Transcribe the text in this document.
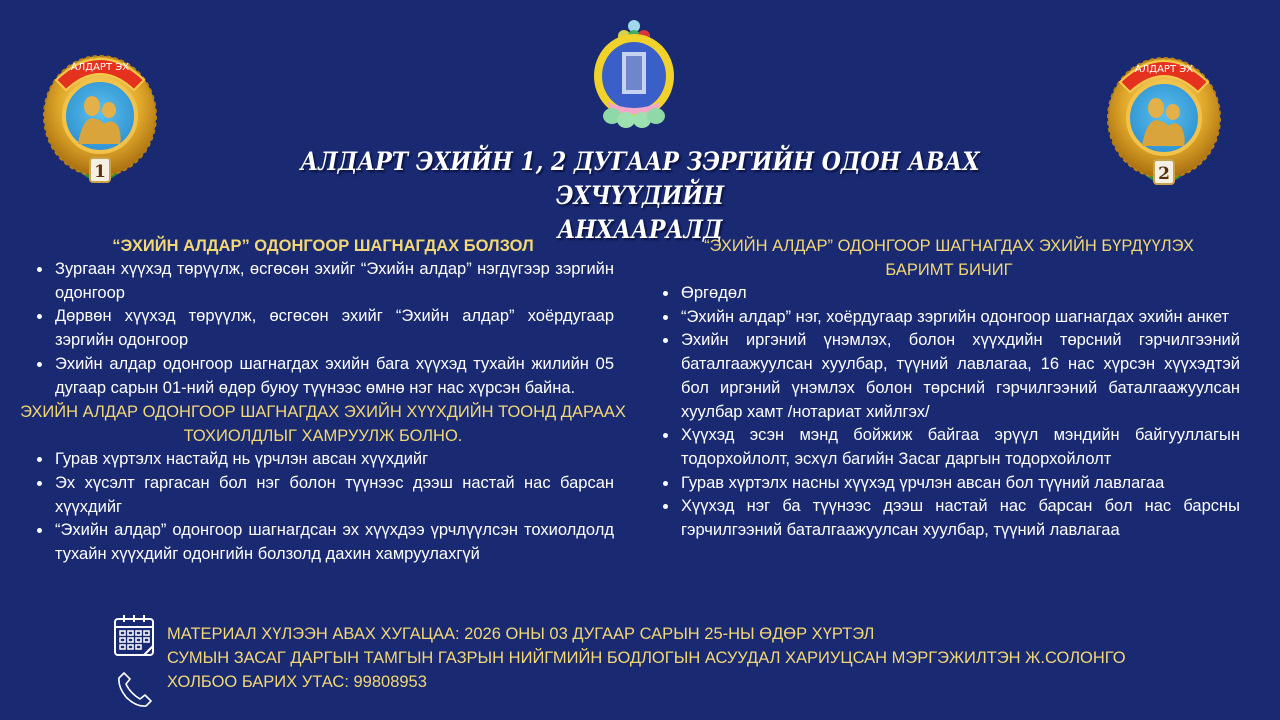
АЛДАРТ ЭХ
1
АЛДАРТ ЭХ
2
АЛДАРТ ЭХИЙН 1, 2 ДУГААР ЗЭРГИЙН ОДОН АВАХ ЭХЧҮҮДИЙН
АНХААРАЛД
“ЭХИЙН АЛДАР” ОДОНГООР ШАГНАГДАХ БОЛЗОЛ
Зургаан хүүхэд төрүүлж, өсгөсөн эхийг “Эхийн алдар” нэгдүгээр зэргийн одонгоор
Дөрвөн хүүхэд төрүүлж, өсгөсөн эхийг “Эхийн алдар” хоёрдугаар зэргийн одонгоор
Эхийн алдар одонгоор шагнагдах эхийн бага хүүхэд тухайн жилийн 05 дугаар сарын 01-ний өдөр буюу түүнээс өмнө нэг нас хүрсэн байна.
ЭХИЙН АЛДАР ОДОНГООР ШАГНАГДАХ ЭХИЙН ХҮҮХДИЙН ТООНД ДАРААХ ТОХИОЛДЛЫГ ХАМРУУЛЖ БОЛНО.
Гурав хүртэлх настайд нь үрчлэн авсан хүүхдийг
Эх хүсэлт гаргасан бол нэг болон түүнээс дээш настай нас барсан хүүхдийг
“Эхийн алдар” одонгоор шагнагдсан эх хүүхдээ үрчлүүлсэн тохиолдолд тухайн хүүхдийг одонгийн болзолд дахин хамруулахгүй
“ЭХИЙН АЛДАР” ОДОНГООР ШАГНАГДАХ ЭХИЙН БҮРДҮҮЛЭХ БАРИМТ БИЧИГ
Өргөдөл
“Эхийн алдар” нэг, хоёрдугаар зэргийн одонгоор шагнагдах эхийн анкет
Эхийн иргэний үнэмлэх, болон хүүхдийн төрсний гэрчилгээний баталгаажуулсан хуулбар, түүний лавлагаа, 16 нас хүрсэн хүүхэдтэй бол иргэний үнэмлэх болон төрсний гэрчилгээний баталгаажуулсан хуулбар хамт /нотариат хийлгэх/
Хүүхэд эсэн мэнд бойжиж байгаа эрүүл мэндийн байгууллагын тодорхойлолт, эсхүл багийн Засаг даргын тодорхойлолт
Гурав хүртэлх насны хүүхэд үрчлэн авсан бол түүний лавлагаа
Хүүхэд нэг ба түүнээс дээш настай нас барсан бол нас барсны гэрчилгээний баталгаажуулсан хуулбар, түүний лавлагаа

МАТЕРИАЛ ХҮЛЭЭН АВАХ ХУГАЦАА: 2026 ОНЫ 03 ДУГААР САРЫН 25-НЫ ӨДӨР ХҮРТЭЛ
СУМЫН ЗАСАГ ДАРГЫН ТАМГЫН ГАЗРЫН НИЙГМИЙН БОДЛОГЫН АСУУДАЛ ХАРИУЦСАН МЭРГЭЖИЛТЭН Ж.СОЛОНГО
ХОЛБОО БАРИХ УТАС: 99808953
